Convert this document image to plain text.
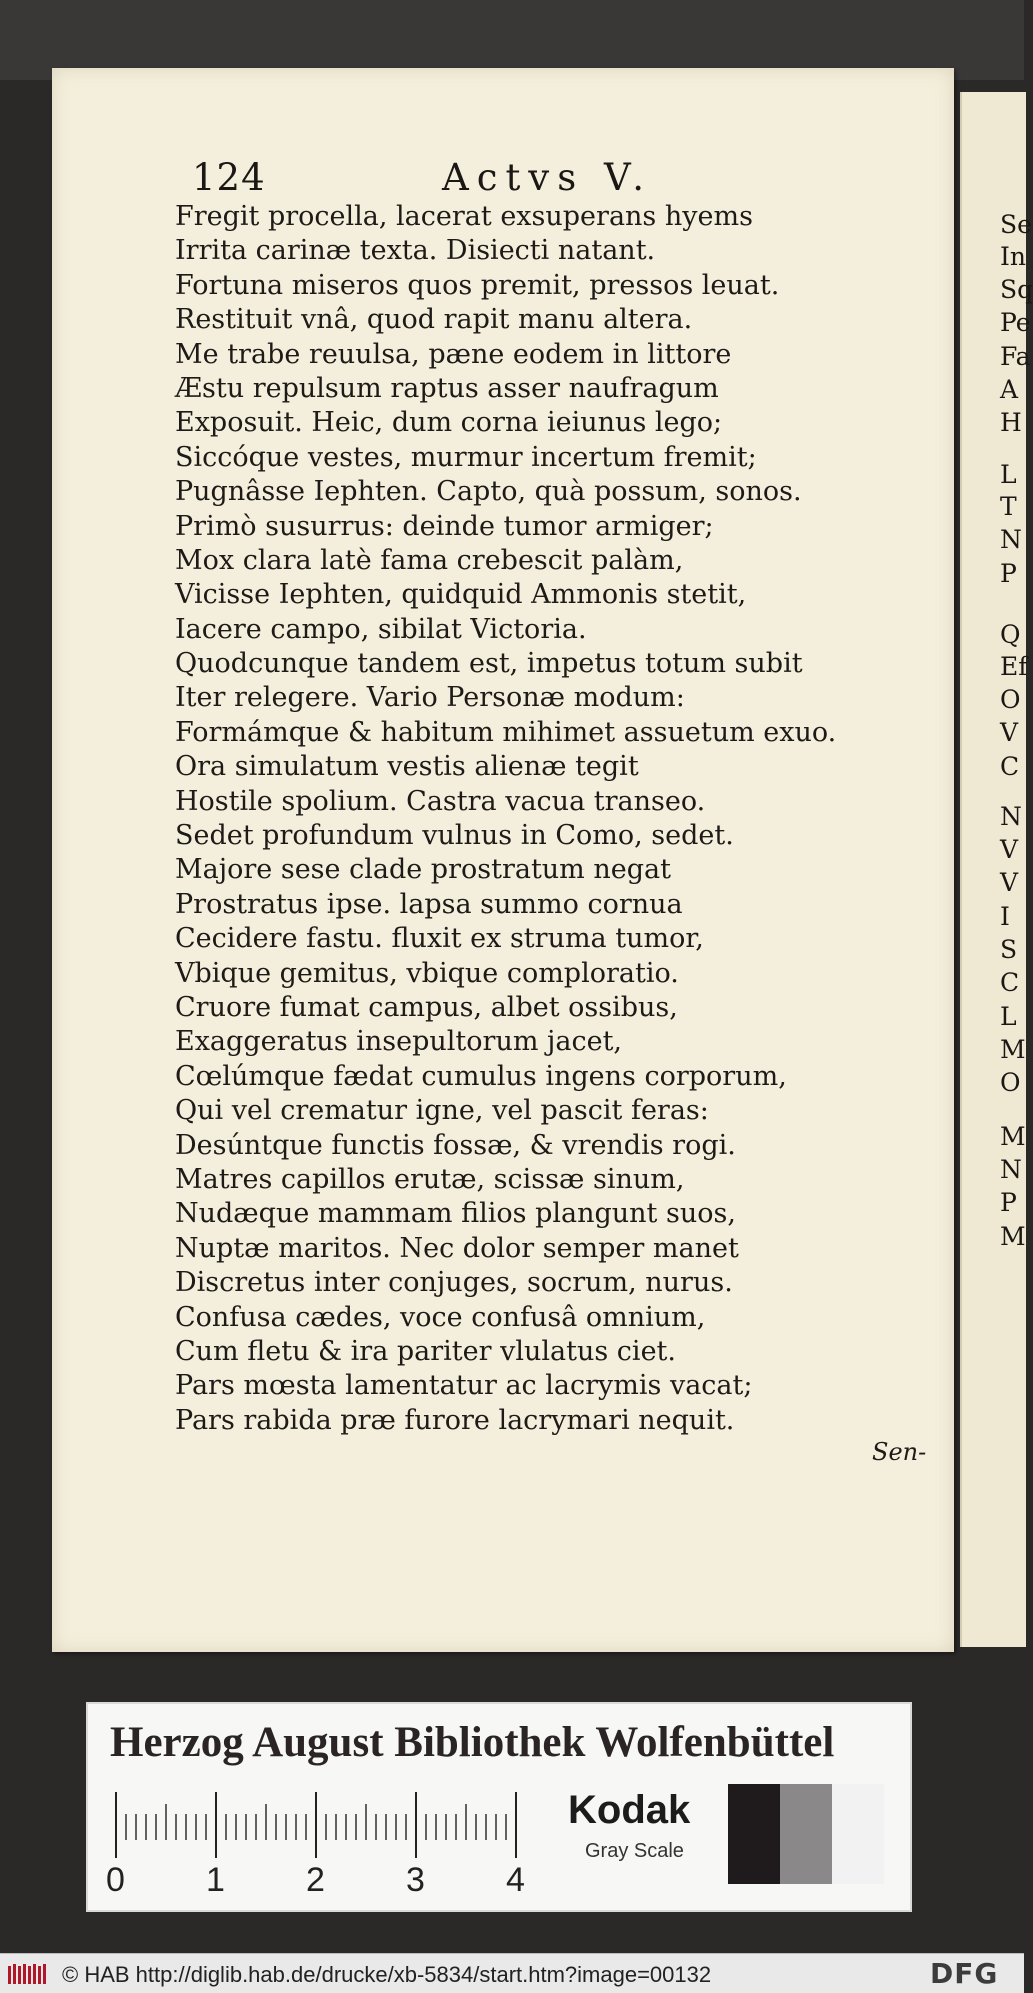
Se
In
Sq
Pe
Fa
A
H
L
T
N
P
Q
Ef
O
V
C
N
V
V
I
S
C
L
M
O
M
N
P
M
124	Actvs V.
Fregit procella, lacerat exsuperans hyems
Irrita carinæ texta. Disiecti natant.
Fortuna miseros quos premit, pressos leuat.
Restituit vnâ, quod rapit manu altera.
Me trabe reuulsa, pæne eodem in littore
Æstu repulsum raptus asser naufragum
Exposuit. Heic, dum corna ieiunus lego;
Siccóque vestes, murmur incertum fremit;
Pugnâsse Iephten. Capto, quà possum, sonos.
Primò susurrus: deinde tumor armiger;
Mox clara latè fama crebescit palàm,
Vicisse Iephten, quidquid Ammonis stetit,
Iacere campo, sibilat Victoria.
Quodcunque tandem est, impetus totum subit
Iter relegere. Vario Personæ modum:
Formámque & habitum mihimet assuetum exuo.
Ora simulatum vestis alienæ tegit
Hostile spolium. Castra vacua transeo.
Sedet profundum vulnus in Como, sedet.
Majore sese clade prostratum negat
Prostratus ipse. lapsa summo cornua
Cecidere fastu. fluxit ex struma tumor,
Vbique gemitus, vbique comploratio.
Cruore fumat campus, albet ossibus,
Exaggeratus insepultorum jacet,
Cœlúmque fædat cumulus ingens corporum,
Qui vel crematur igne, vel pascit feras:
Desúntque functis fossæ, & vrendis rogi.
Matres capillos erutæ, scissæ sinum,
Nudæque mammam filios plangunt suos,
Nuptæ maritos. Nec dolor semper manet
Discretus inter conjuges, socrum, nurus.
Confusa cædes, voce confusâ omnium,
Cum fletu & ira pariter vlulatus ciet.
Pars mœsta lamentatur ac lacrymis vacat;
Pars rabida præ furore lacrymari nequit.
Sen-
Herzog August Bibliothek Wolfenbüttel
0 1 2 3 4
Kodak
Gray Scale
© HAB http://diglib.hab.de/drucke/xb-5834/start.htm?image=00132	DFG
